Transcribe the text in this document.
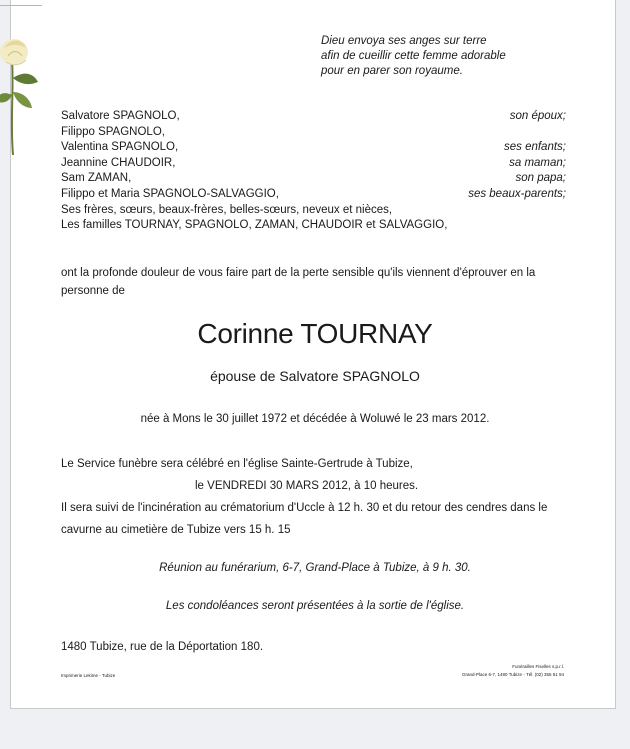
Dieu envoya ses anges sur terre
afin de cueillir cette femme adorable
pour en parer son royaume.
Salvatore SPAGNOLO,	son époux;
Filippo SPAGNOLO,
Valentina SPAGNOLO,	ses enfants;
Jeannine CHAUDOIR,	sa maman;
Sam ZAMAN,	son papa;
Filippo et Maria SPAGNOLO-SALVAGGIO,	ses beaux-parents;
Ses frères, sœurs, beaux-frères, belles-sœurs, neveux et nièces,
Les familles TOURNAY, SPAGNOLO, ZAMAN, CHAUDOIR et SALVAGGIO,
ont la profonde douleur de vous faire part de la perte sensible qu'ils viennent d'éprouver en la personne de
Corinne TOURNAY
épouse de Salvatore SPAGNOLO
née à Mons le 30 juillet 1972 et décédée à Woluwé le 23 mars 2012.
Le Service funèbre sera célébré en l'église Sainte-Gertrude à Tubize,
le VENDREDI 30 MARS 2012, à 10 heures.
Il sera suivi de l'incinération au crématorium d'Uccle à 12 h. 30 et du retour des cendres dans le cavurne au cimetière de Tubize vers 15 h. 15
Réunion au funérarium, 6-7, Grand-Place à Tubize, à 9 h. 30.
Les condoléances seront présentées à la sortie de l'église.
1480 Tubize, rue de la Déportation 180.
Imprimerie Lekime - Tubize
Funérailles Fiselles s.p.r.l.
Grand-Place 6-7, 1480 Tubize - Tél. (02) 355 51 94
